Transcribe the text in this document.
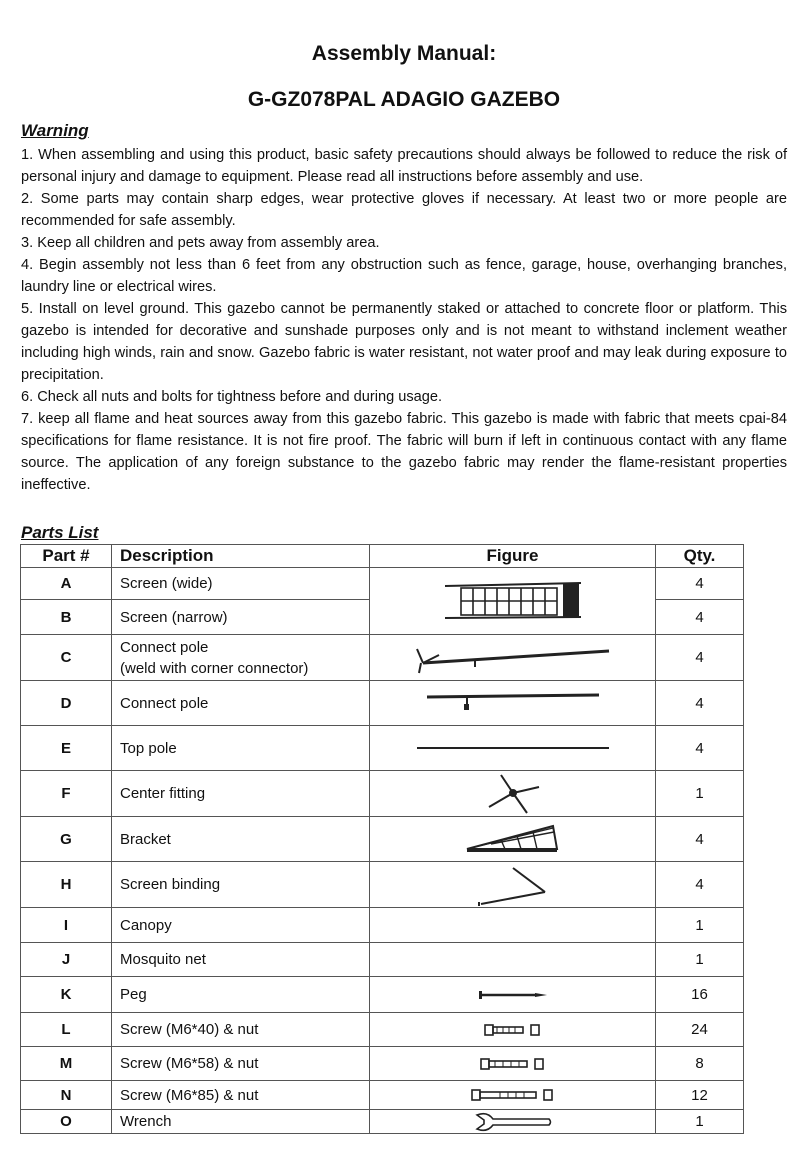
Assembly Manual:
G-GZ078PAL ADAGIO GAZEBO
Warning

1. When assembling and using this product, basic safety precautions should always be followed to reduce the risk of personal injury and damage to equipment. Please read all instructions before assembly and use.

2. Some parts may contain sharp edges, wear protective gloves if necessary. At least two or more people are recommended for safe assembly.

3. Keep all children and pets away from assembly area.

4. Begin assembly not less than 6 feet from any obstruction such as fence, garage, house, overhanging branches, laundry line or electrical wires.

5. Install on level ground. This gazebo cannot be permanently staked or attached to concrete floor or platform. This gazebo is intended for decorative and sunshade purposes only and is not meant to withstand inclement weather including high winds, rain and snow. Gazebo fabric is water resistant, not water proof and may leak during exposure to precipitation.

6. Check all nuts and bolts for tightness before and during usage.

7. keep all flame and heat sources away from this gazebo fabric. This gazebo is made with fabric that meets cpai-84 specifications for flame resistance. It is not fire proof. The fabric will burn if left in continuous contact with any flame source. The application of any foreign substance to the gazebo fabric may render the flame-resistant properties ineffective.

Parts List
Part #	Description	Figure	Qty.
A	Screen (wide)		4
B	Screen (narrow)		4
C	Connect pole
(weld with corner connector)		4
D	Connect pole		4
E	Top pole		4
F	Center fitting		1
G	Bracket		4
H	Screen binding		4
I	Canopy		1
J	Mosquito net		1
K	Peg		16
L	Screw (M6*40) & nut		24
M	Screw (M6*58) & nut		8
N	Screw (M6*85) & nut		12
O	Wrench		1
